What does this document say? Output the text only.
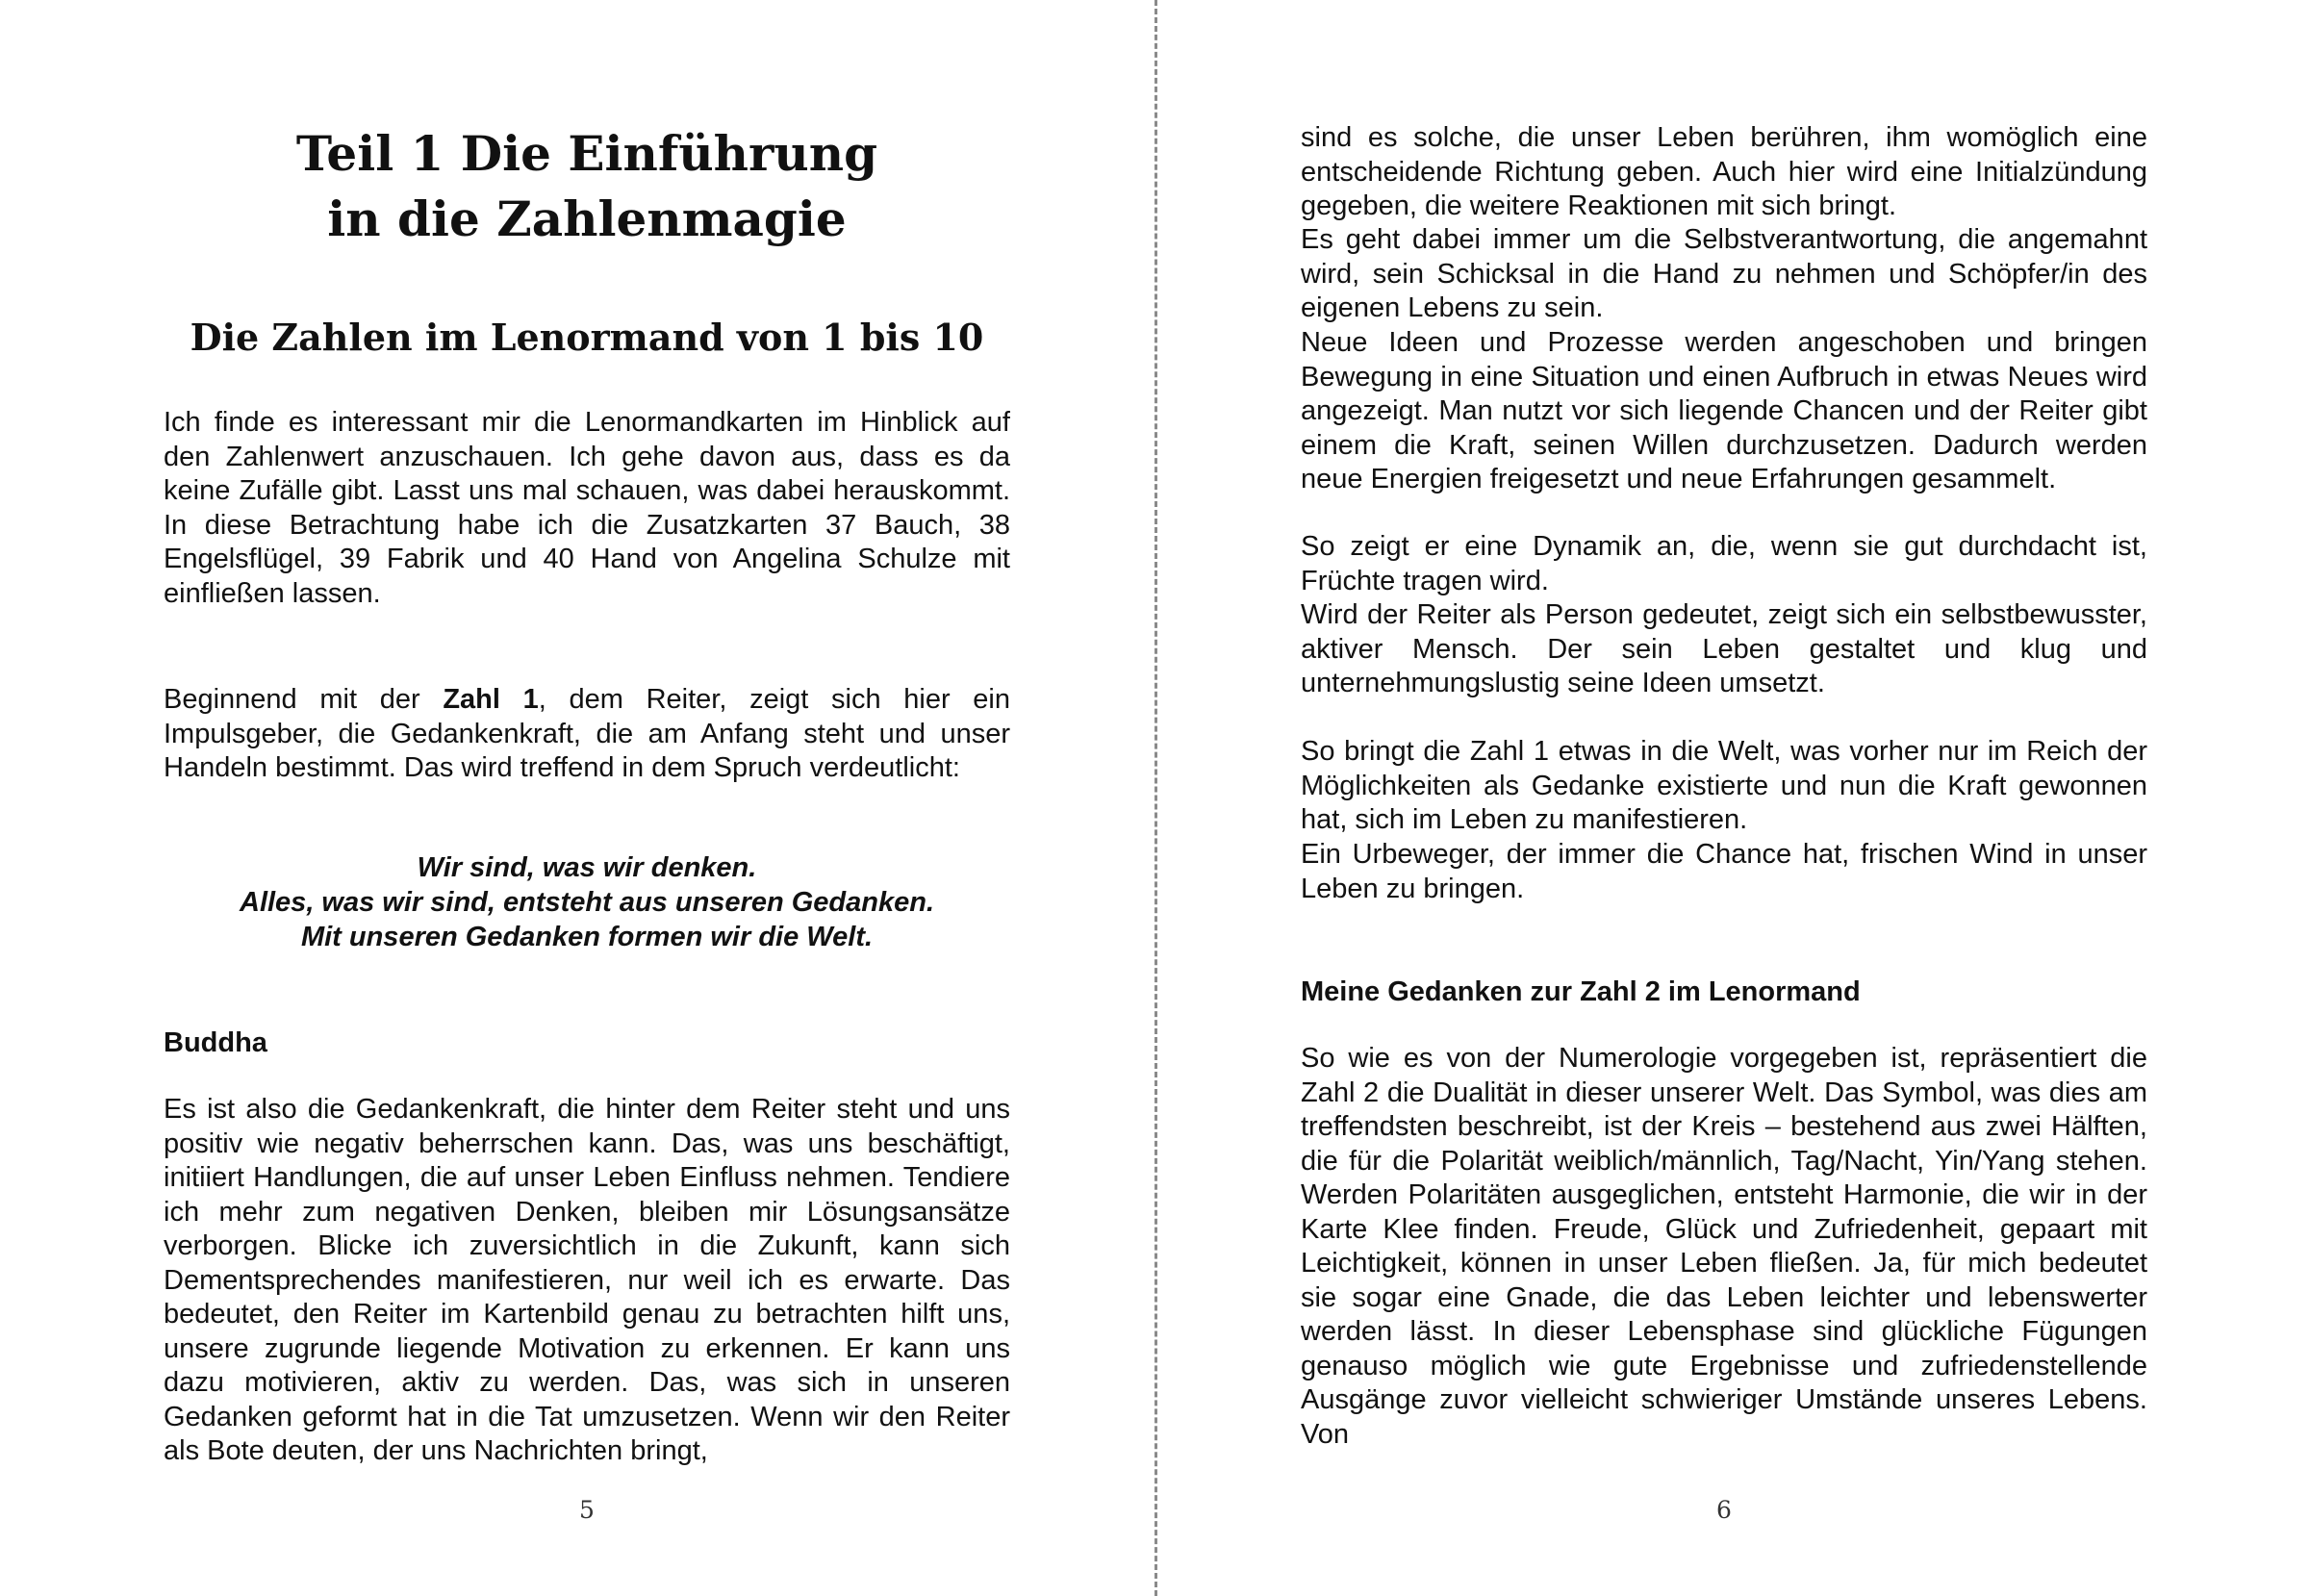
Teil 1 Die Einführung
in die Zahlenmagie
Die Zahlen im Lenormand von 1 bis 10

Ich finde es interessant mir die Lenormandkarten im Hinblick auf den Zahlenwert anzuschauen. Ich gehe davon aus, dass es da keine Zufälle gibt. Lasst uns mal schauen, was dabei herauskommt. In diese Betrachtung habe ich die Zusatzkarten 37 Bauch, 38 Engelsflügel, 39 Fabrik und 40 Hand von Angelina Schulze mit einfließen lassen.

Beginnend mit der Zahl 1, dem Reiter, zeigt sich hier ein Impulsgeber, die Gedankenkraft, die am Anfang steht und unser Handeln bestimmt. Das wird treffend in dem Spruch verdeutlicht:

Wir sind, was wir denken.
Alles, was wir sind, entsteht aus unseren Gedanken.
Mit unseren Gedanken formen wir die Welt.
Buddha

Es ist also die Gedankenkraft, die hinter dem Reiter steht und uns positiv wie negativ beherrschen kann. Das, was uns beschäftigt, initiiert Handlungen, die auf unser Leben Einfluss nehmen. Tendiere ich mehr zum negativen Denken, bleiben mir Lösungsansätze verborgen. Blicke ich zuversichtlich in die Zukunft, kann sich Dementsprechendes manifestieren, nur weil ich es erwarte. Das bedeutet, den Reiter im Kartenbild genau zu betrachten hilft uns, unsere zugrunde liegende Motivation zu erkennen. Er kann uns dazu motivieren, aktiv zu werden. Das, was sich in unseren Gedanken geformt hat in die Tat umzusetzen. Wenn wir den Reiter als Bote deuten, der uns Nachrichten bringt,

5

sind es solche, die unser Leben berühren, ihm womöglich eine entscheidende Richtung geben. Auch hier wird eine Initialzündung gegeben, die weitere Reaktionen mit sich bringt.

Es geht dabei immer um die Selbstverantwortung, die angemahnt wird, sein Schicksal in die Hand zu nehmen und Schöpfer/in des eigenen Lebens zu sein.

Neue Ideen und Prozesse werden angeschoben und bringen Bewegung in eine Situation und einen Aufbruch in etwas Neues wird angezeigt. Man nutzt vor sich liegende Chancen und der Reiter gibt einem die Kraft, seinen Willen durchzusetzen. Dadurch werden neue Energien freigesetzt und neue Erfahrungen gesammelt.

So zeigt er eine Dynamik an, die, wenn sie gut durchdacht ist, Früchte tragen wird.

Wird der Reiter als Person gedeutet, zeigt sich ein selbstbewusster, aktiver Mensch. Der sein Leben gestaltet und klug und unternehmungslustig seine Ideen umsetzt.

So bringt die Zahl 1 etwas in die Welt, was vorher nur im Reich der Möglichkeiten als Gedanke existierte und nun die Kraft gewonnen hat, sich im Leben zu manifestieren.

Ein Urbeweger, der immer die Chance hat, frischen Wind in unser Leben zu bringen.

Meine Gedanken zur Zahl 2 im Lenormand

So wie es von der Numerologie vorgegeben ist, repräsentiert die Zahl 2 die Dualität in dieser unserer Welt. Das Symbol, was dies am treffendsten beschreibt, ist der Kreis – bestehend aus zwei Hälften, die für die Polarität weiblich/männlich, Tag/Nacht, Yin/Yang stehen. Werden Polaritäten ausgeglichen, entsteht Harmonie, die wir in der Karte Klee finden. Freude, Glück und Zufriedenheit, gepaart mit Leichtigkeit, können in unser Leben fließen. Ja, für mich bedeutet sie sogar eine Gnade, die das Leben leichter und lebenswerter werden lässt. In dieser Lebensphase sind glückliche Fügungen genauso möglich wie gute Ergebnisse und zufriedenstellende Ausgänge zuvor vielleicht schwieriger Umstände unseres Lebens. Von

6
